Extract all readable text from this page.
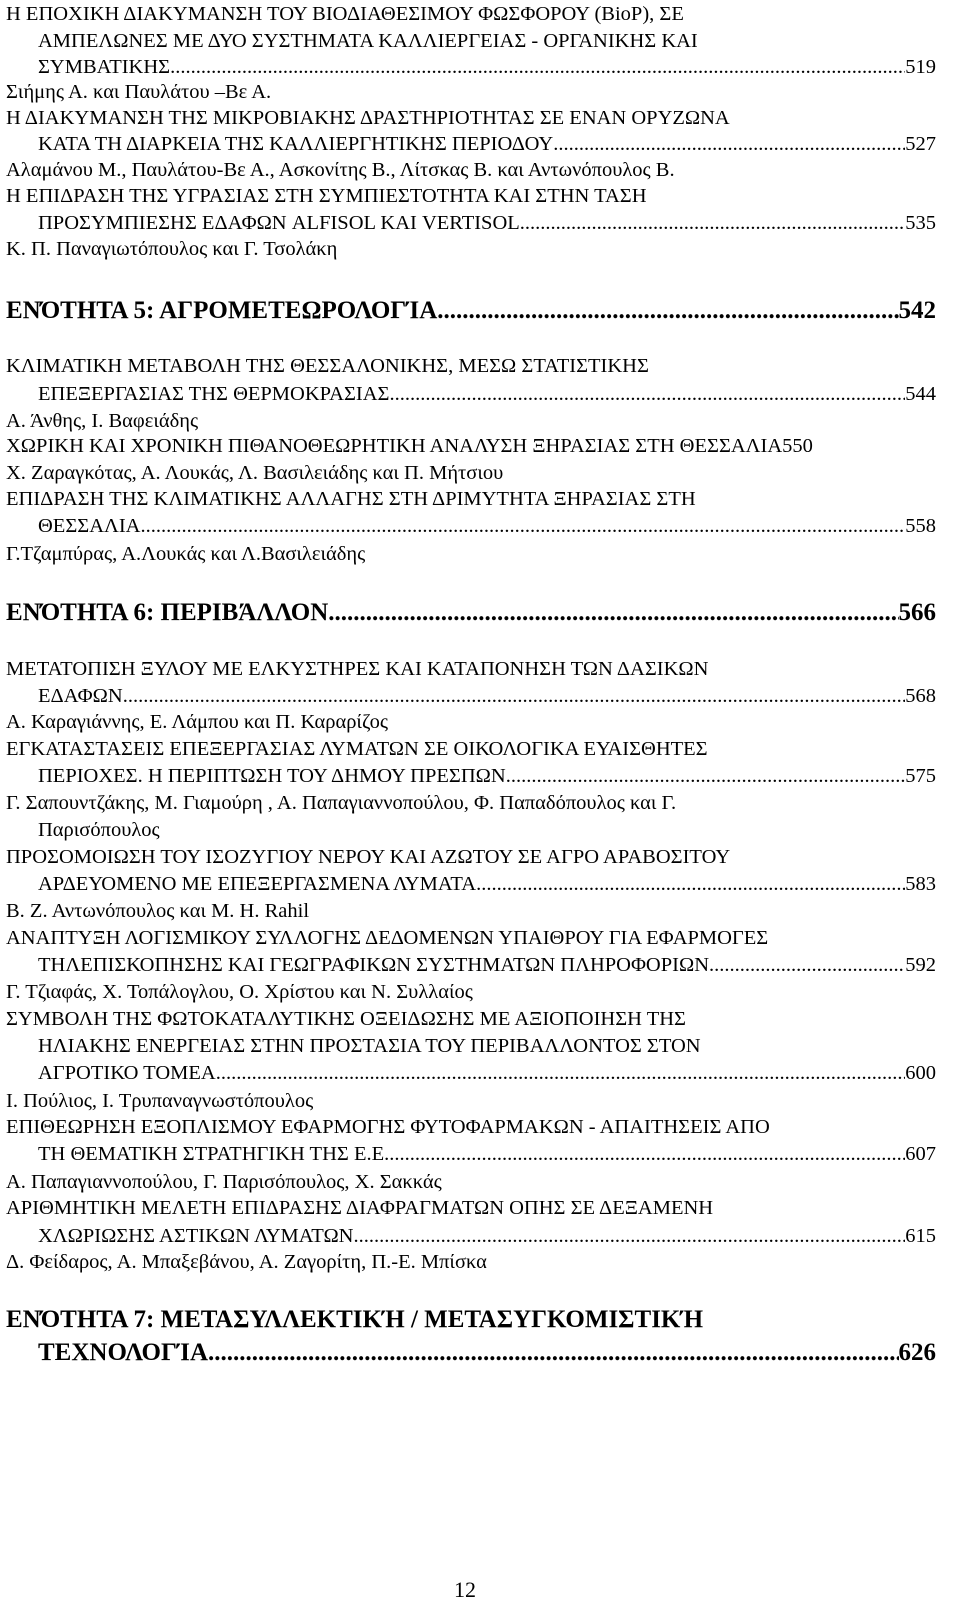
Η ΕΠΟΧΙΚΗ ΔΙΑΚΥΜΑΝΣΗ ΤΟΥ ΒΙΟΔΙΑΘΕΣΙΜΟΥ ΦΩΣΦΟΡΟΥ (BioP), ΣΕ
ΑΜΠΕΛΩΝΕΣ ΜΕ ΔΥΟ ΣΥΣΤΗΜΑΤΑ ΚΑΛΛΙΕΡΓΕΙΑΣ - ΟΡΓΑΝΙΚΗΣ ΚΑΙ
ΣΥΜΒΑΤΙΚΗΣ .....	519
Σιήμης Α. και Παυλάτου –Βε Α.
Η ΔΙΑΚΥΜΑΝΣΗ ΤΗΣ ΜΙΚΡΟΒΙΑΚΗΣ ΔΡΑΣΤΗΡΙΟΤΗΤΑΣ ΣΕ ΕΝΑΝ ΟΡΥΖΩΝΑ
ΚΑΤΑ ΤΗ ΔΙΑΡΚΕΙΑ ΤΗΣ ΚΑΛΛΙΕΡΓΗΤΙΚΗΣ ΠΕΡΙΟΔΟΥ .....	527
Αλαμάνου Μ., Παυλάτου-Βε Α., Ασκονίτης Β., Λίτσκας Β. και Αντωνόπουλος Β.
Η ΕΠΙΔΡΑΣΗ ΤΗΣ ΥΓΡΑΣΙΑΣ ΣΤΗ ΣΥΜΠΙΕΣΤΟΤΗΤΑ ΚΑΙ ΣΤΗΝ ΤΑΣΗ
ΠΡΟΣΥΜΠΙΕΣΗΣ ΕΔΑΦΩΝ ALFISOL ΚΑΙ VERTISOL .....	535
Κ. Π. Παναγιωτόπουλος και Γ. Τσολάκη
ΕΝΌΤΗΤΑ 5: ΑΓΡΟΜΕΤΕΩΡΟΛΟΓΊΑ .....	542
ΚΛΙΜΑΤΙΚΗ ΜΕΤΑΒΟΛΗ ΤΗΣ ΘΕΣΣΑΛΟΝΙΚΗΣ, ΜΕΣΩ ΣΤΑΤΙΣΤΙΚΗΣ
ΕΠΕΞΕΡΓΑΣΙΑΣ ΤΗΣ ΘΕΡΜΟΚΡΑΣΙΑΣ .....	544
Α. Άνθης, Ι. Βαφειάδης
ΧΩΡΙΚΗ ΚΑΙ ΧΡΟΝΙΚΗ ΠΙΘΑΝΟΘΕΩΡΗΤΙΚΗ ΑΝΑΛΥΣΗ ΞΗΡΑΣΙΑΣ ΣΤΗ ΘΕΣΣΑΛΙΑ550
Χ. Ζαραγκότας, Α. Λουκάς, Λ. Βασιλειάδης και Π. Μήτσιου
ΕΠΙΔΡΑΣΗ ΤΗΣ ΚΛΙΜΑΤΙΚΗΣ ΑΛΛΑΓΗΣ ΣΤΗ ΔΡΙΜΥΤΗΤΑ ΞΗΡΑΣΙΑΣ ΣΤΗ
ΘΕΣΣΑΛΙΑ .....	558
Γ.Τζαμπύρας, Α.Λουκάς και Λ.Βασιλειάδης
ΕΝΌΤΗΤΑ 6: ΠΕΡΙΒΆΛΛΟΝ .....	566
ΜΕΤΑΤΟΠΙΣΗ ΞΥΛΟΥ ΜΕ ΕΛΚΥΣΤΗΡΕΣ ΚΑΙ ΚΑΤΑΠΟΝΗΣΗ ΤΩΝ ΔΑΣΙΚΩΝ
ΕΔΑΦΩΝ .....	568
Α. Καραγιάννης, Ε. Λάμπου και Π. Καραρίζος
ΕΓΚΑΤΑΣΤΑΣΕΙΣ ΕΠΕΞΕΡΓΑΣΙΑΣ ΛΥΜΑΤΩΝ ΣΕ ΟΙΚΟΛΟΓΙΚΑ ΕΥΑΙΣΘΗΤΕΣ
ΠΕΡΙΟΧΕΣ. Η ΠΕΡΙΠΤΩΣΗ ΤΟΥ ΔΗΜΟΥ ΠΡΕΣΠΩΝ .....	575
Γ. Σαπουντζάκης, Μ. Γιαμούρη , Α. Παπαγιαννοπούλου, Φ. Παπαδόπουλος και Γ.
Παρισόπουλος
ΠΡΟΣΟΜΟΙΩΣΗ ΤΟΥ ΙΣΟΖΥΓΙΟΥ ΝΕΡΟΥ ΚΑΙ ΑΖΩΤΟΥ ΣΕ ΑΓΡΟ ΑΡΑΒΟΣΙΤΟΥ
ΑΡΔΕΥΟΜΕΝΟ ΜΕ ΕΠΕΞΕΡΓΑΣΜΕΝΑ ΛΥΜΑΤΑ .....	583
Β. Ζ. Αντωνόπουλος και Μ. Η. Rahil
ΑΝΑΠΤΥΞΗ ΛΟΓΙΣΜΙΚΟΥ ΣΥΛΛΟΓΗΣ ΔΕΔΟΜΕΝΩΝ ΥΠΑΙΘΡΟΥ ΓΙΑ ΕΦΑΡΜΟΓΕΣ
ΤΗΛΕΠΙΣΚΟΠΗΣΗΣ ΚΑΙ ΓΕΩΓΡΑΦΙΚΩΝ ΣΥΣΤΗΜΑΤΩΝ ΠΛΗΡΟΦΟΡΙΩΝ .....	592
Γ. Τζιαφάς, Χ. Τοπάλογλου, Ο. Χρίστου και Ν. Συλλαίος
ΣΥΜΒΟΛΗ ΤΗΣ ΦΩΤΟΚΑΤΑΛΥΤΙΚΗΣ ΟΞΕΙΔΩΣΗΣ ΜΕ ΑΞΙΟΠΟΙΗΣΗ ΤΗΣ
ΗΛΙΑΚΗΣ ΕΝΕΡΓΕΙΑΣ ΣΤΗΝ ΠΡΟΣΤΑΣΙΑ ΤΟΥ ΠΕΡΙΒΑΛΛΟΝΤΟΣ ΣΤΟΝ
ΑΓΡΟΤΙΚΟ ΤΟΜΕΑ .....	600
Ι. Πούλιος, Ι. Τρυπαναγνωστόπουλος
ΕΠΙΘΕΩΡΗΣΗ ΕΞΟΠΛΙΣΜΟΥ ΕΦΑΡΜΟΓΗΣ ΦΥΤΟΦΑΡΜΑΚΩΝ - ΑΠΑΙΤΗΣΕΙΣ ΑΠΟ
ΤΗ ΘΕΜΑΤΙΚΗ ΣΤΡΑΤΗΓΙΚΗ ΤΗΣ Ε.Ε. .....	607
Α. Παπαγιαννοπούλου, Γ. Παρισόπουλος, Χ. Σακκάς
ΑΡΙΘΜΗΤΙΚΗ ΜΕΛΕΤΗ ΕΠΙΔΡΑΣΗΣ ΔΙΑΦΡΑΓΜΑΤΩΝ ΟΠΗΣ ΣΕ ΔΕΞΑΜΕΝΗ
ΧΛΩΡΙΩΣΗΣ ΑΣΤΙΚΩΝ ΛΥΜΑΤΩΝ .....	615
Δ. Φείδαρος, Α. Μπαξεβάνου, Α. Ζαγορίτη, Π.-Ε. Μπίσκα
ΕΝΌΤΗΤΑ 7: ΜΕΤΑΣΥΛΛΕΚΤΙΚΉ / ΜΕΤΑΣΥΓΚΟΜΙΣΤΙΚΉ
ΤΕΧΝΟΛΟΓΊΑ .....	626
12
